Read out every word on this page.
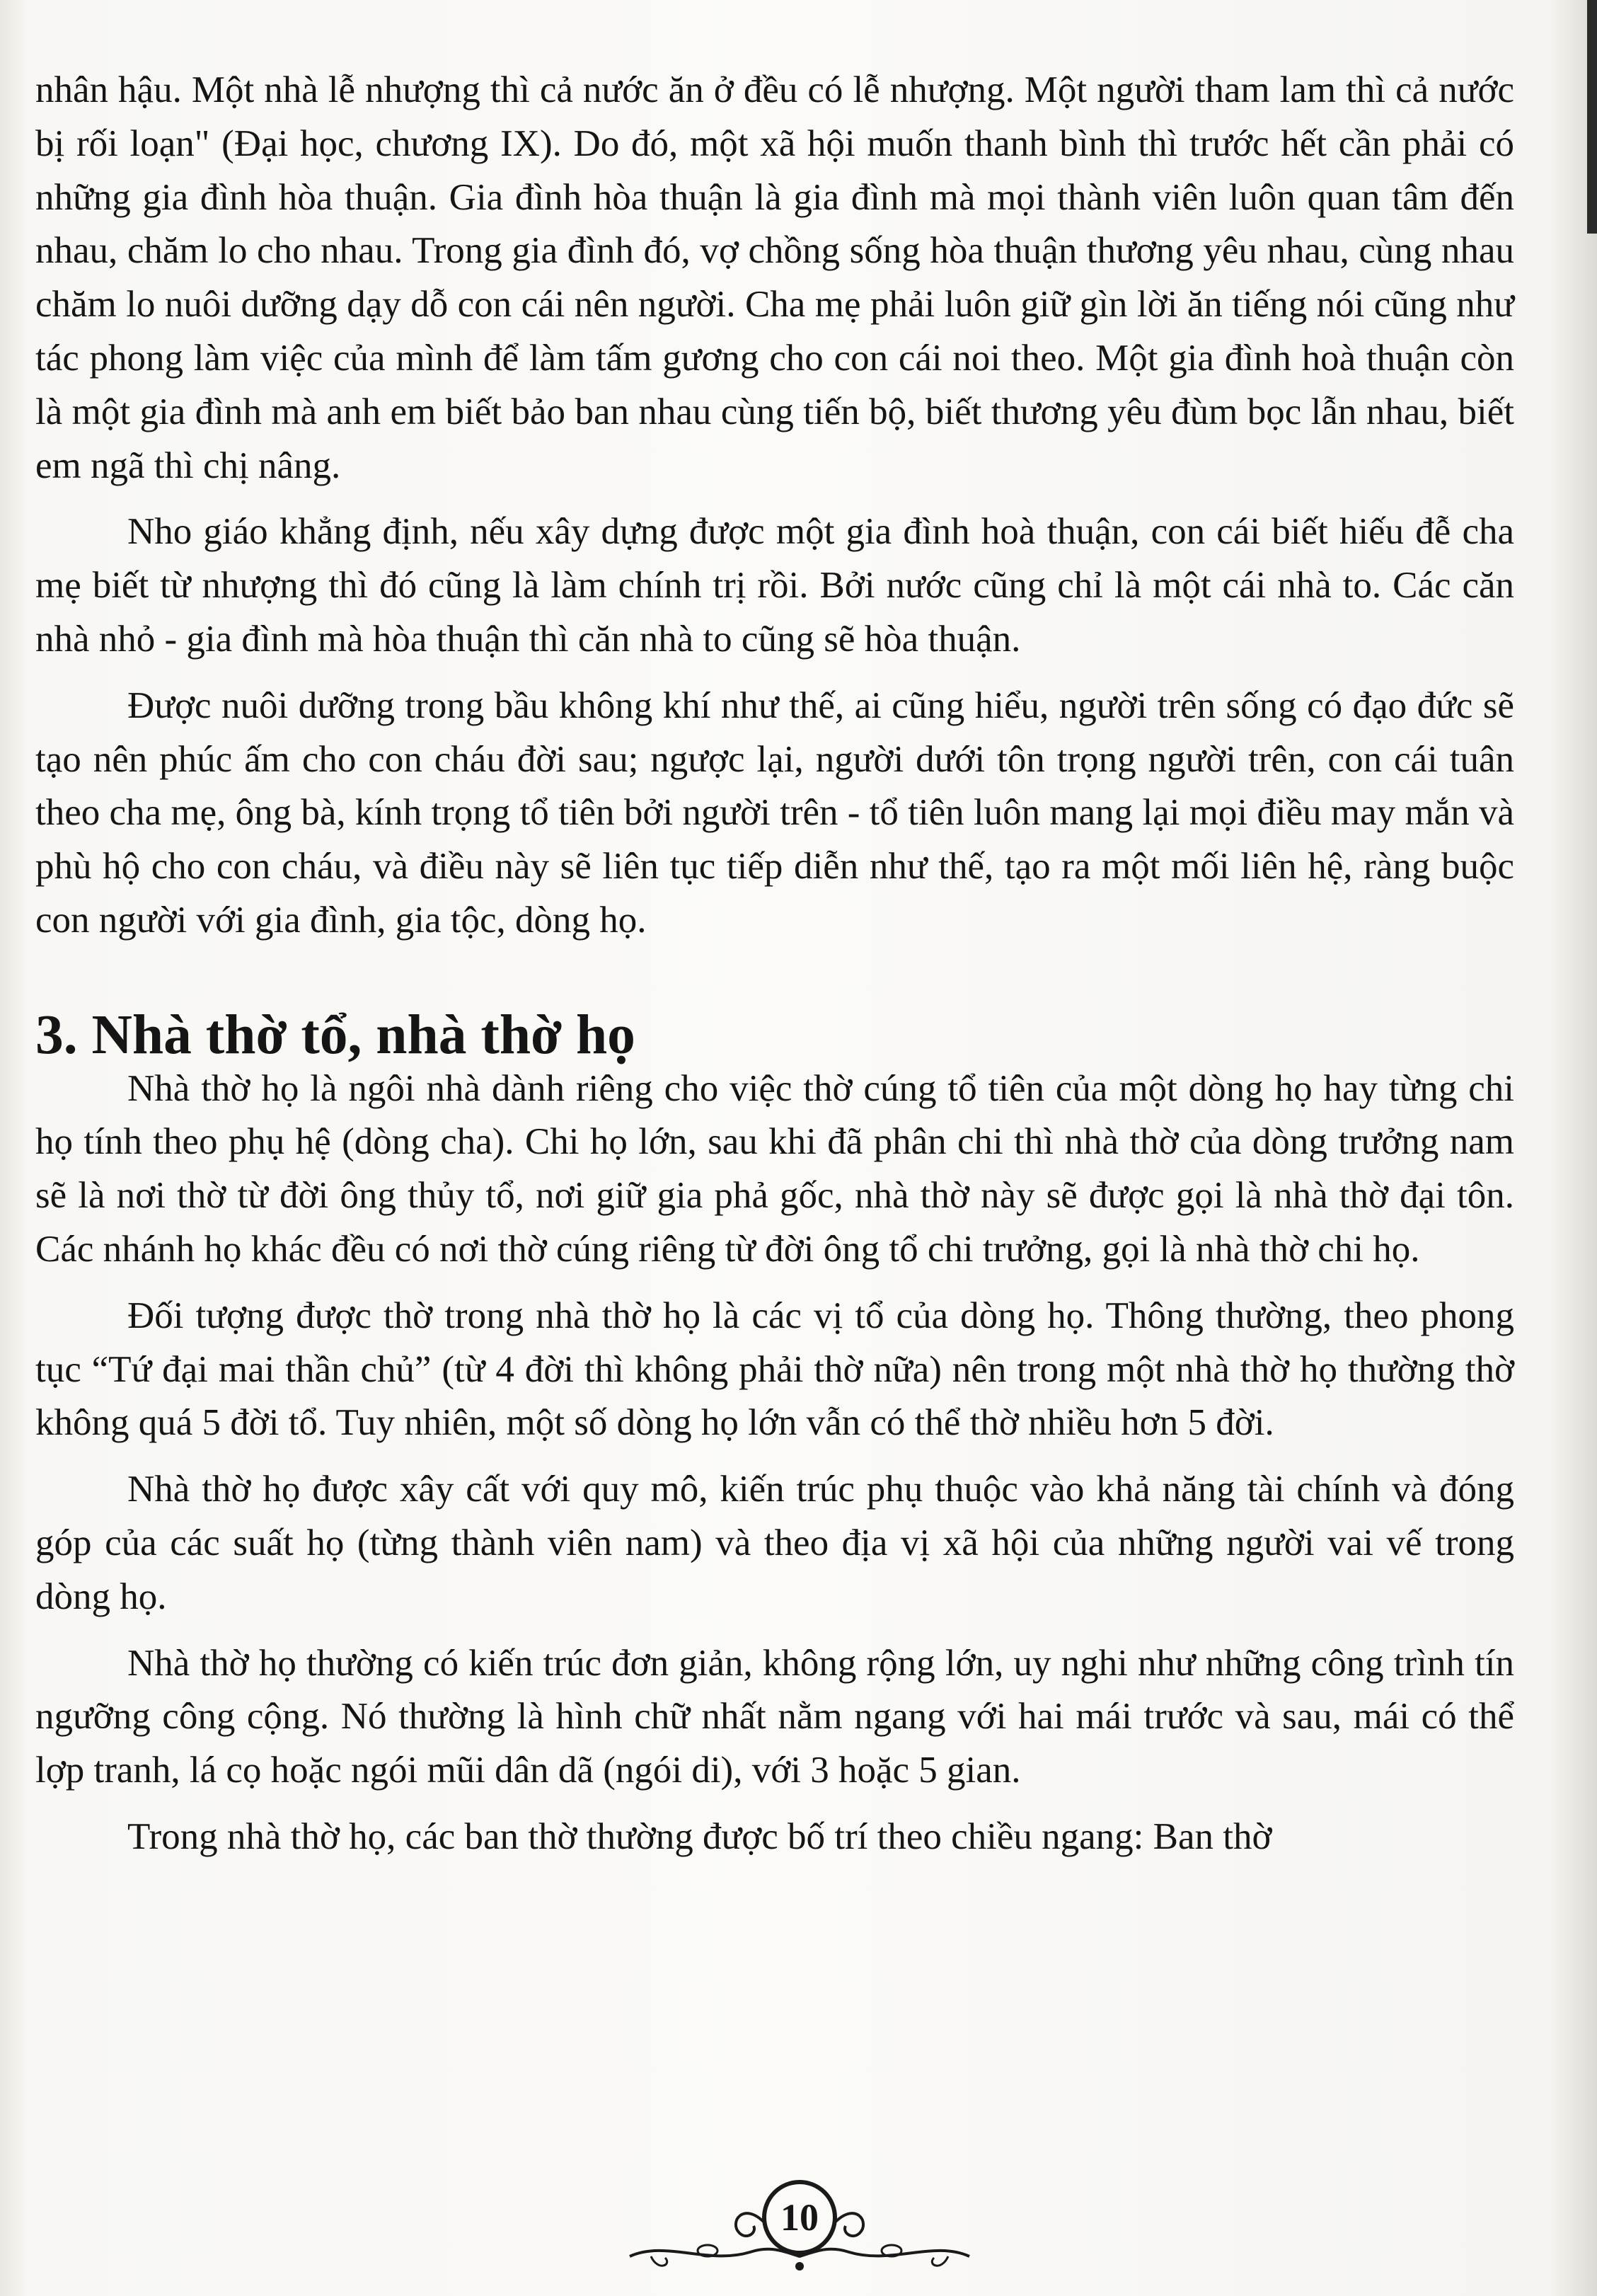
nhân hậu. Một nhà lễ nhượng thì cả nước ăn ở đều có lễ nhượng. Một người tham lam thì cả nước bị rối loạn" (Đại học, chương IX). Do đó, một xã hội muốn thanh bình thì trước hết cần phải có những gia đình hòa thuận. Gia đình hòa thuận là gia đình mà mọi thành viên luôn quan tâm đến nhau, chăm lo cho nhau. Trong gia đình đó, vợ chồng sống hòa thuận thương yêu nhau, cùng nhau chăm lo nuôi dưỡng dạy dỗ con cái nên người. Cha mẹ phải luôn giữ gìn lời ăn tiếng nói cũng như tác phong làm việc của mình để làm tấm gương cho con cái noi theo. Một gia đình hoà thuận còn là một gia đình mà anh em biết bảo ban nhau cùng tiến bộ, biết thương yêu đùm bọc lẫn nhau, biết em ngã thì chị nâng.

Nho giáo khẳng định, nếu xây dựng được một gia đình hoà thuận, con cái biết hiếu đễ cha mẹ biết từ nhượng thì đó cũng là làm chính trị rồi. Bởi nước cũng chỉ là một cái nhà to. Các căn nhà nhỏ - gia đình mà hòa thuận thì căn nhà to cũng sẽ hòa thuận.

Được nuôi dưỡng trong bầu không khí như thế, ai cũng hiểu, người trên sống có đạo đức sẽ tạo nên phúc ấm cho con cháu đời sau; ngược lại, người dưới tôn trọng người trên, con cái tuân theo cha mẹ, ông bà, kính trọng tổ tiên bởi người trên - tổ tiên luôn mang lại mọi điều may mắn và phù hộ cho con cháu, và điều này sẽ liên tục tiếp diễn như thế, tạo ra một mối liên hệ, ràng buộc con người với gia đình, gia tộc, dòng họ.

3. Nhà thờ tổ, nhà thờ họ

Nhà thờ họ là ngôi nhà dành riêng cho việc thờ cúng tổ tiên của một dòng họ hay từng chi họ tính theo phụ hệ (dòng cha). Chi họ lớn, sau khi đã phân chi thì nhà thờ của dòng trưởng nam sẽ là nơi thờ từ đời ông thủy tổ, nơi giữ gia phả gốc, nhà thờ này sẽ được gọi là nhà thờ đại tôn. Các nhánh họ khác đều có nơi thờ cúng riêng từ đời ông tổ chi trưởng, gọi là nhà thờ chi họ.

Đối tượng được thờ trong nhà thờ họ là các vị tổ của dòng họ. Thông thường, theo phong tục “Tứ đại mai thần chủ” (từ 4 đời thì không phải thờ nữa) nên trong một nhà thờ họ thường thờ không quá 5 đời tổ. Tuy nhiên, một số dòng họ lớn vẫn có thể thờ nhiều hơn 5 đời.

Nhà thờ họ được xây cất với quy mô, kiến trúc phụ thuộc vào khả năng tài chính và đóng góp của các suất họ (từng thành viên nam) và theo địa vị xã hội của những người vai vế trong dòng họ.

Nhà thờ họ thường có kiến trúc đơn giản, không rộng lớn, uy nghi như những công trình tín ngưỡng công cộng. Nó thường là hình chữ nhất nằm ngang với hai mái trước và sau, mái có thể lợp tranh, lá cọ hoặc ngói mũi dân dã (ngói di), với 3 hoặc 5 gian.

Trong nhà thờ họ, các ban thờ thường được bố trí theo chiều ngang: Ban thờ

10
